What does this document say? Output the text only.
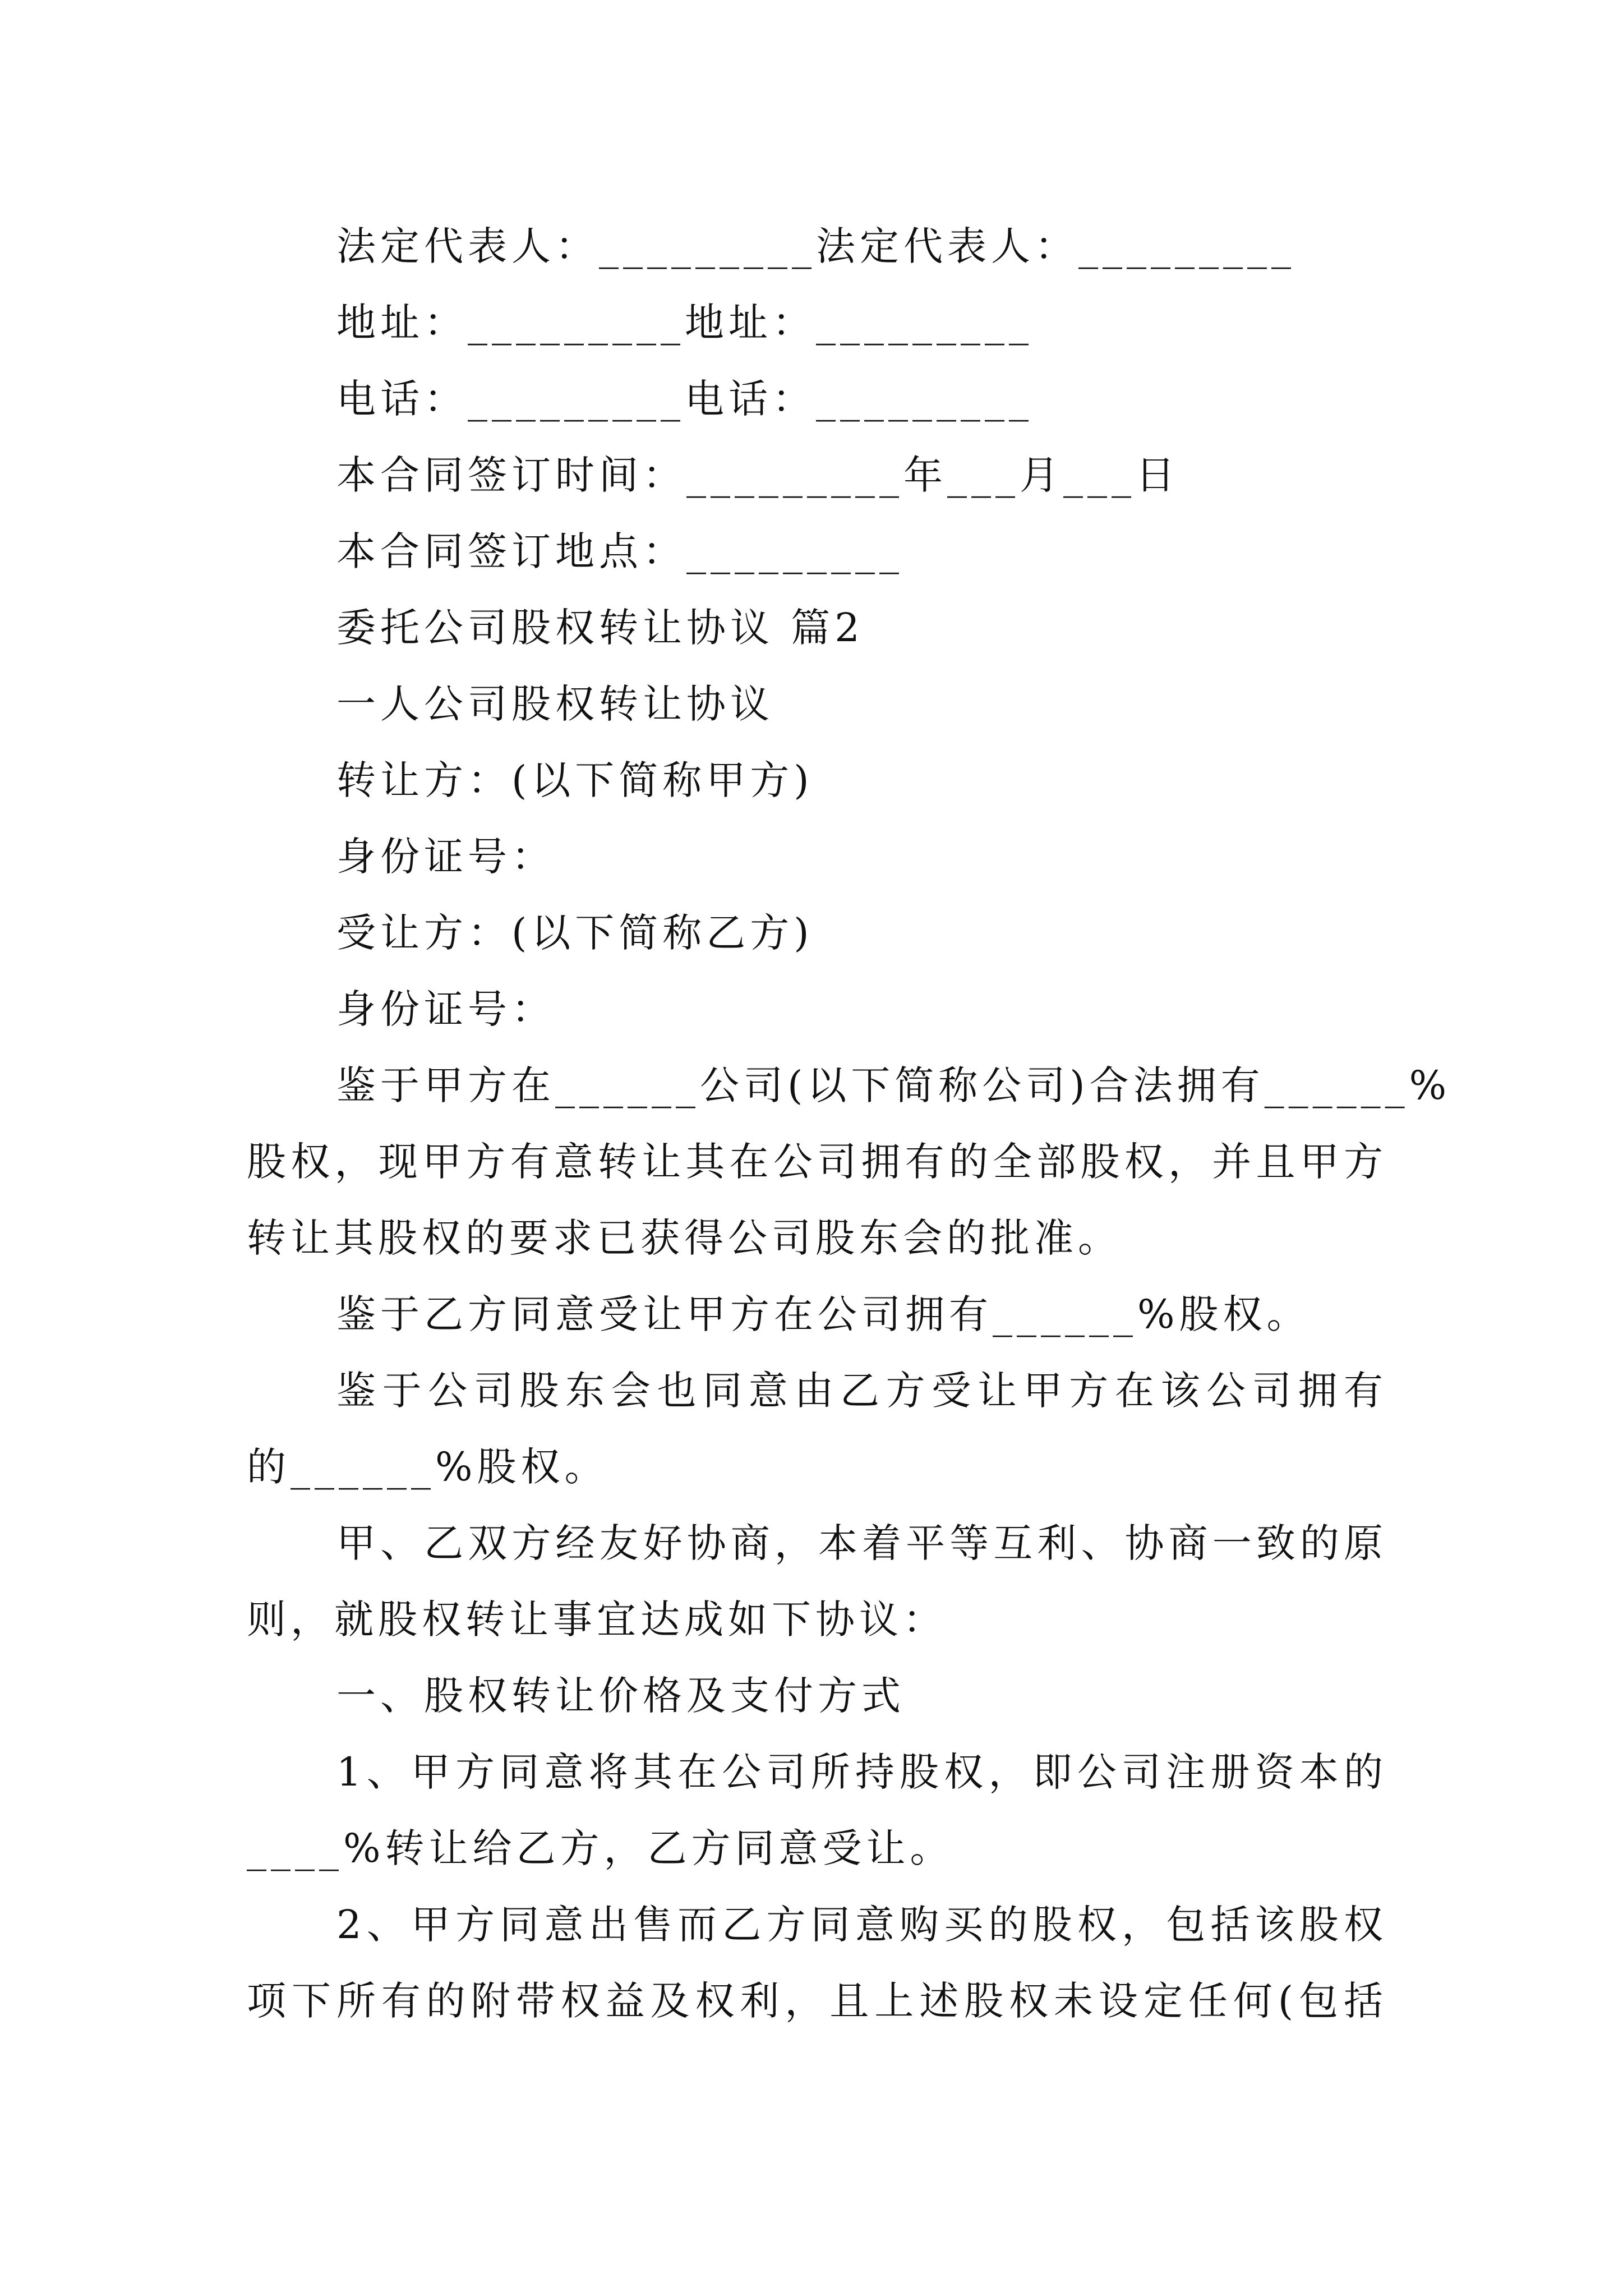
法定代表人：_________法定代表人：_________
地址：_________地址：_________
电话：_________电话：_________
本合同签订时间：_________年___月___日
本合同签订地点：_________
委托公司股权转让协议 篇2
一人公司股权转让协议
转让方：(以下简称甲方)
身份证号：
受让方：(以下简称乙方)
身份证号：
鉴于甲方在______公司(以下简称公司)合法拥有______%
股权，现甲方有意转让其在公司拥有的全部股权，并且甲方
转让其股权的要求已获得公司股东会的批准。
鉴于乙方同意受让甲方在公司拥有______%股权。
鉴于公司股东会也同意由乙方受让甲方在该公司拥有
的______%股权。
甲、乙双方经友好协商，本着平等互利、协商一致的原
则，就股权转让事宜达成如下协议：
一、股权转让价格及支付方式
1、甲方同意将其在公司所持股权，即公司注册资本的
____%转让给乙方，乙方同意受让。
2、甲方同意出售而乙方同意购买的股权，包括该股权
项下所有的附带权益及权利，且上述股权未设定任何(包括
